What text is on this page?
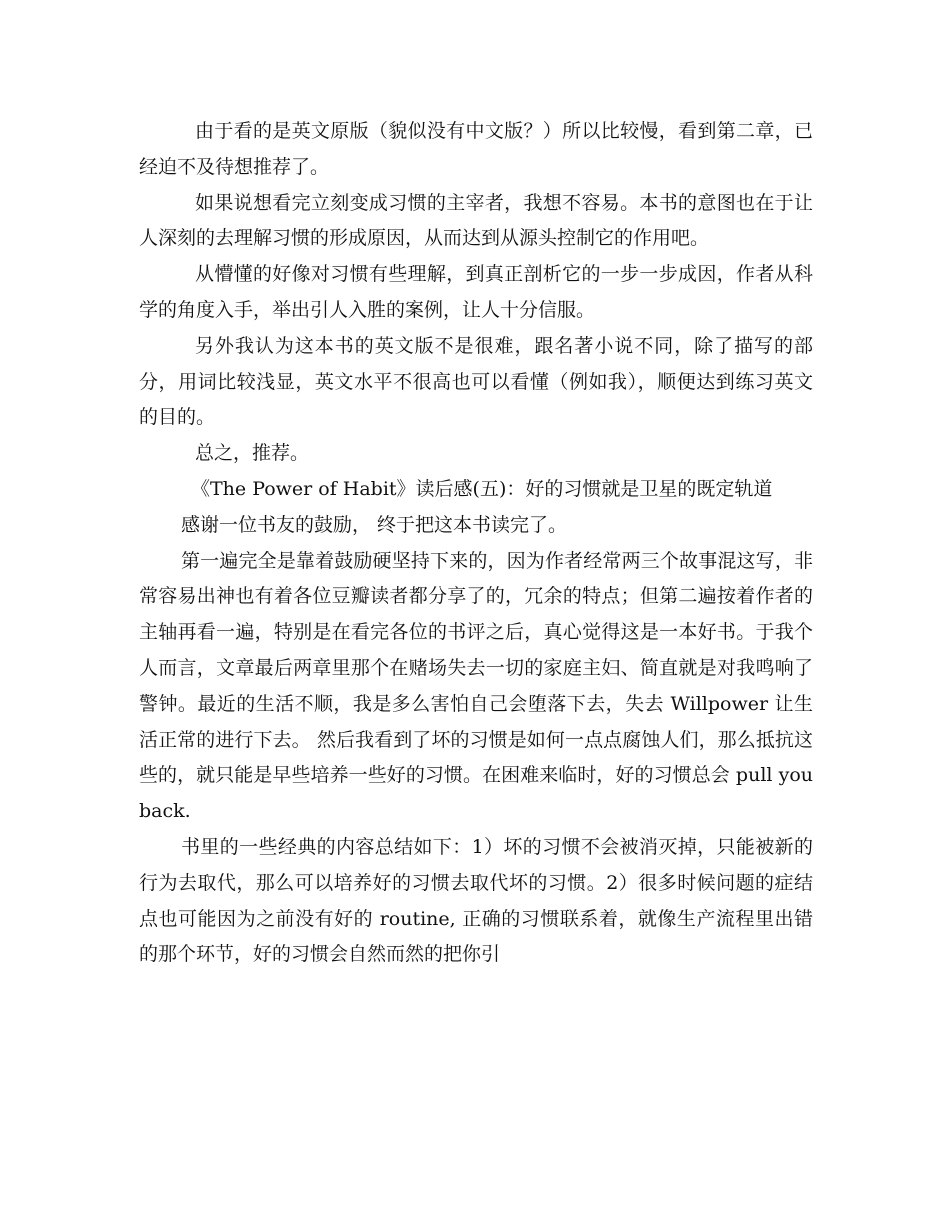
由于看的是英文原版（貌似没有中文版？）所以比较慢，看到第二章，已经迫不及待想推荐了。

如果说想看完立刻变成习惯的主宰者，我想不容易。本书的意图也在于让人深刻的去理解习惯的形成原因，从而达到从源头控制它的作用吧。

从懵懂的好像对习惯有些理解，到真正剖析它的一步一步成因，作者从科学的角度入手，举出引人入胜的案例，让人十分信服。

另外我认为这本书的英文版不是很难，跟名著小说不同，除了描写的部分，用词比较浅显，英文水平不很高也可以看懂（例如我），顺便达到练习英文的目的。

总之，推荐。

《The Power of Habit》读后感(五)：好的习惯就是卫星的既定轨道

感谢一位书友的鼓励， 终于把这本书读完了。

第一遍完全是靠着鼓励硬坚持下来的，因为作者经常两三个故事混这写，非常容易出神也有着各位豆瓣读者都分享了的，冗余的特点；但第二遍按着作者的主轴再看一遍，特别是在看完各位的书评之后，真心觉得这是一本好书。于我个人而言，文章最后两章里那个在赌场失去一切的家庭主妇、简直就是对我鸣响了警钟。最近的生活不顺，我是多么害怕自己会堕落下去，失去 Willpower 让生活正常的进行下去。 然后我看到了坏的习惯是如何一点点腐蚀人们，那么抵抗这些的，就只能是早些培养一些好的习惯。在困难来临时，好的习惯总会 pull you back.

书里的一些经典的内容总结如下：1）坏的习惯不会被消灭掉，只能被新的行为去取代，那么可以培养好的习惯去取代坏的习惯。2）很多时候问题的症结点也可能因为之前没有好的 routine, 正确的习惯联系着，就像生产流程里出错的那个环节，好的习惯会自然而然的把你引
